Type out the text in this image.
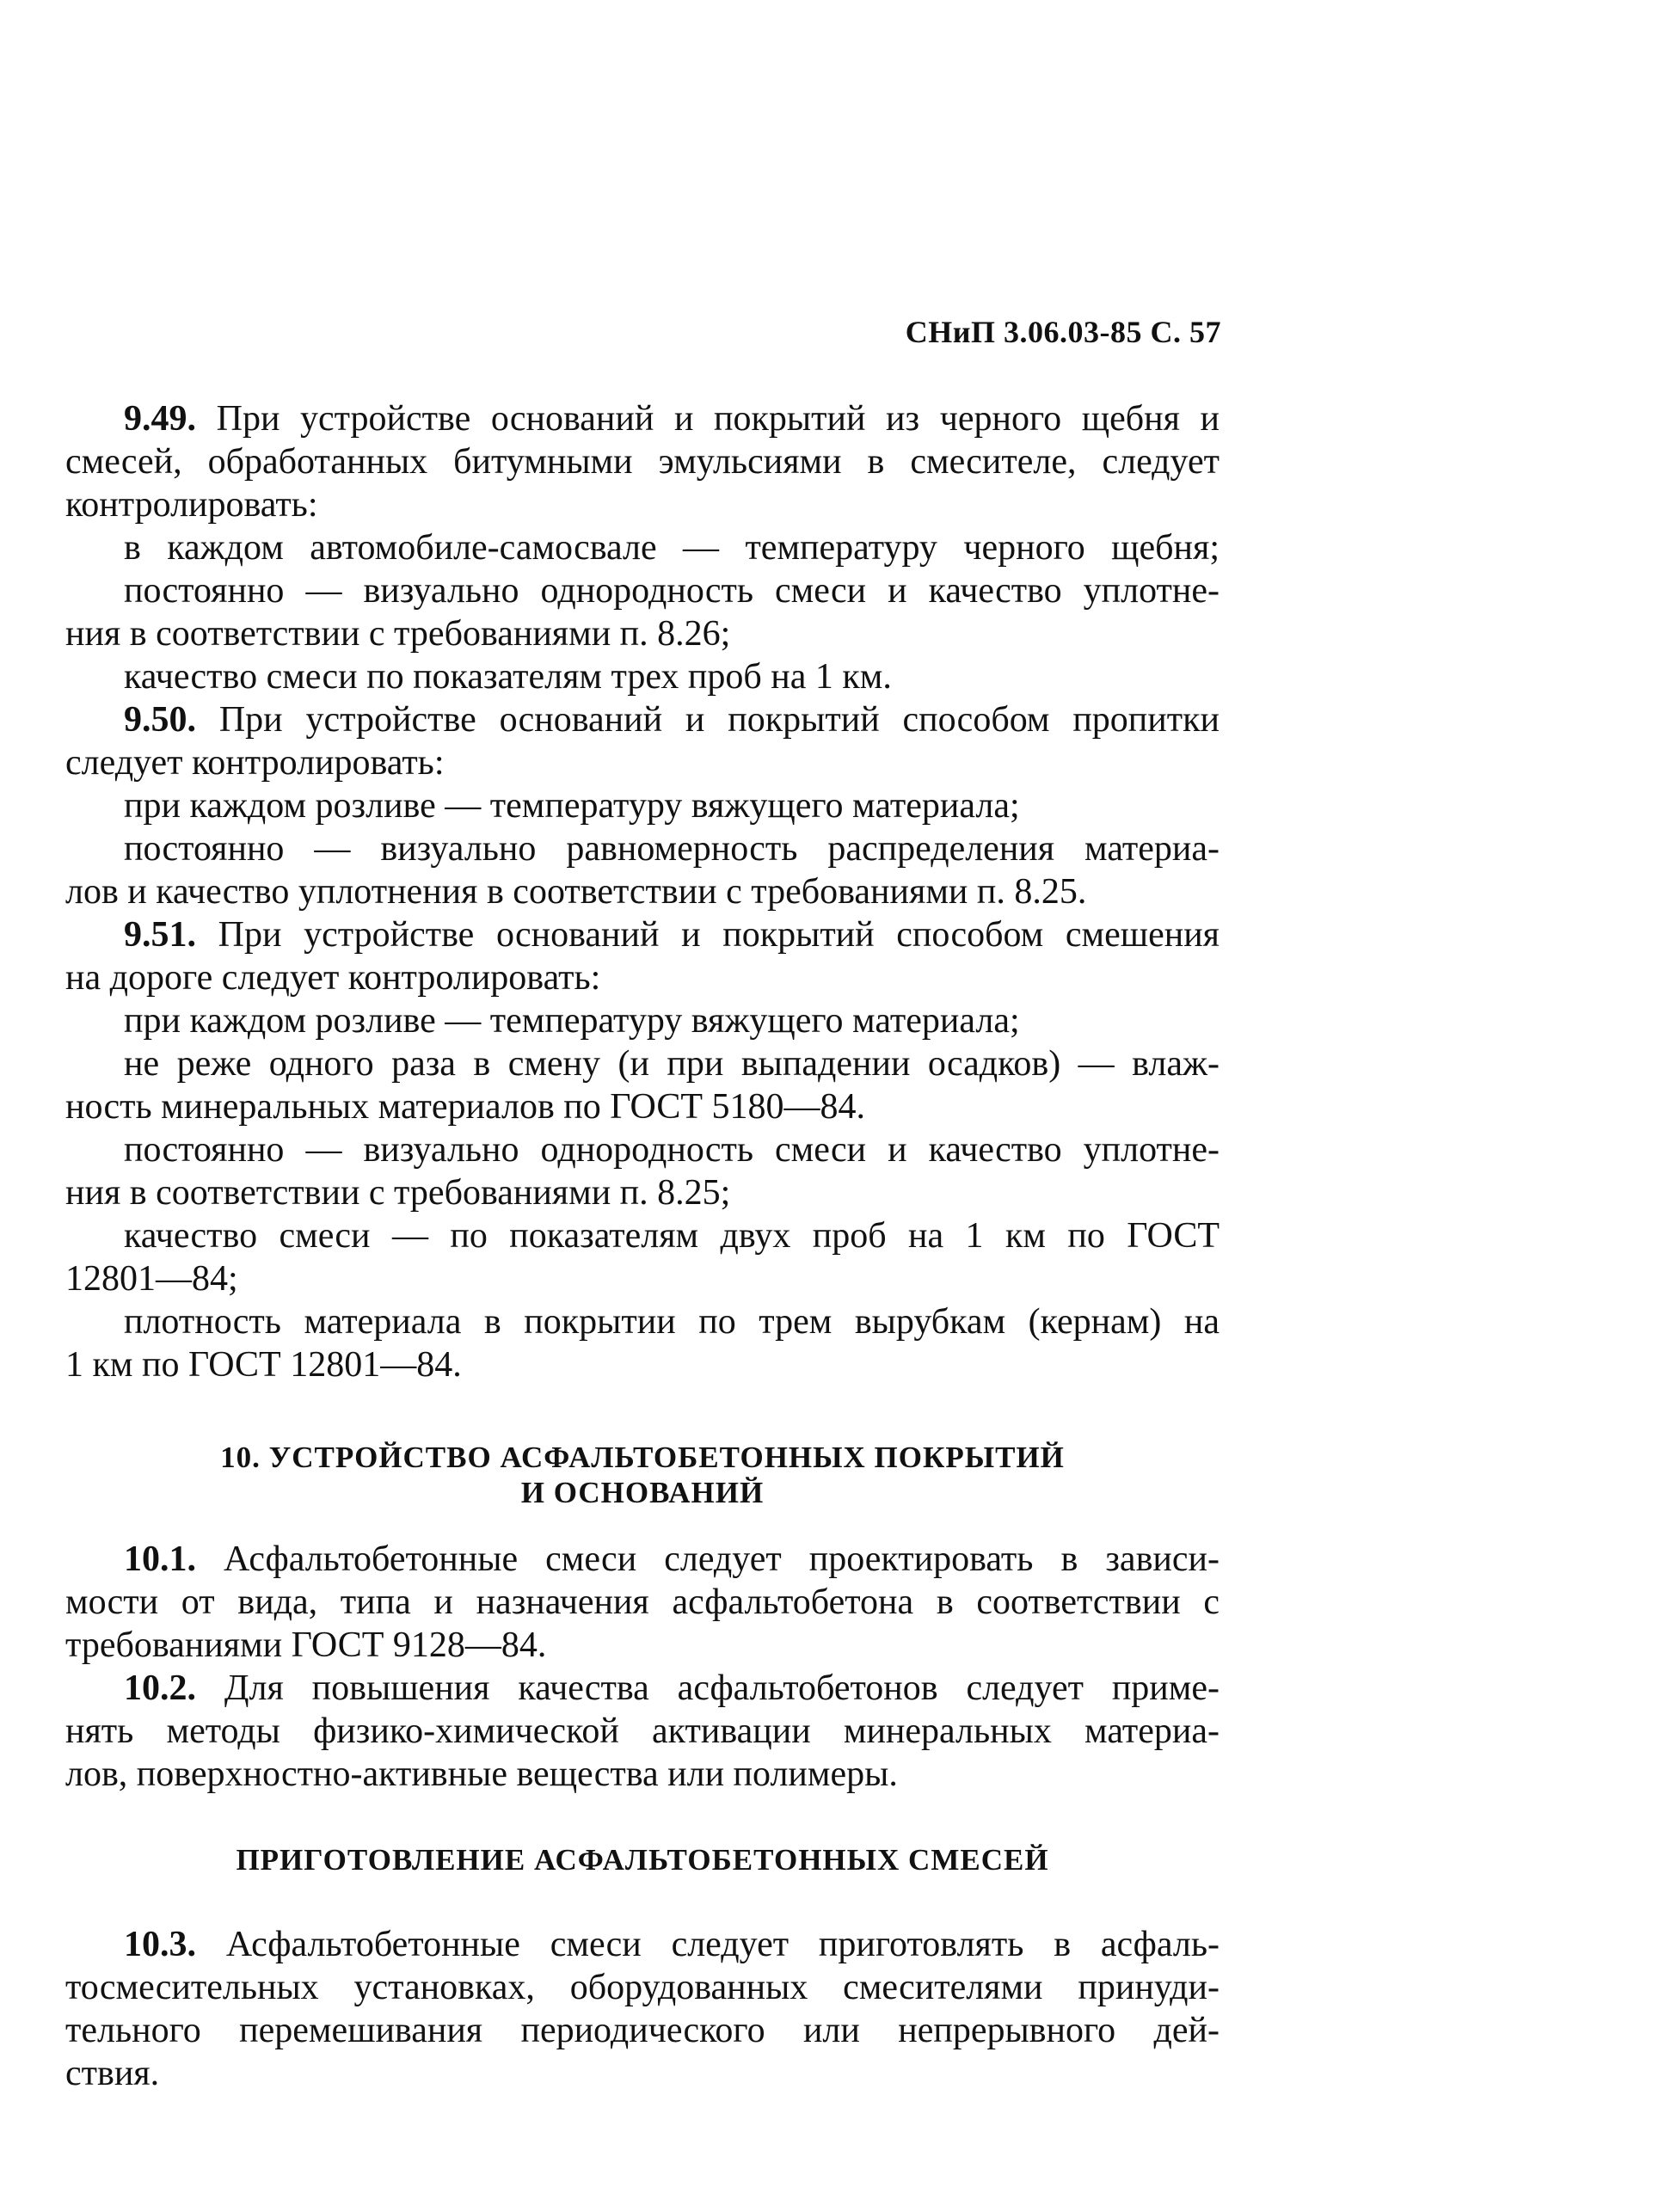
СНиП 3.06.03-85 С. 57
9.49. При устройстве оснований и покрытий из черного щебня и
смесей, обработанных битумными эмульсиями в смесителе, следует
контролировать:
в каждом автомобиле-самосвале — температуру черного щебня;
постоянно — визуально однородность смеси и качество уплотне-
ния в соответствии с требованиями п. 8.26;
качество смеси по показателям трех проб на 1 км.
9.50. При устройстве оснований и покрытий способом пропитки
следует контролировать:
при каждом розливе — температуру вяжущего материала;
постоянно — визуально равномерность распределения материа-
лов и качество уплотнения в соответствии с требованиями п. 8.25.
9.51. При устройстве оснований и покрытий способом смешения
на дороге следует контролировать:
при каждом розливе — температуру вяжущего материала;
не реже одного раза в смену (и при выпадении осадков) — влаж-
ность минеральных материалов по ГОСТ 5180—84.
постоянно — визуально однородность смеси и качество уплотне-
ния в соответствии с требованиями п. 8.25;
качество смеси — по показателям двух проб на 1 км по ГОСТ
12801—84;
плотность материала в покрытии по трем вырубкам (кернам) на
1 км по ГОСТ 12801—84.
10. УСТРОЙСТВО АСФАЛЬТОБЕТОННЫХ ПОКРЫТИЙ
И ОСНОВАНИЙ
10.1. Асфальтобетонные смеси следует проектировать в зависи-
мости от вида, типа и назначения асфальтобетона в соответствии с
требованиями ГОСТ 9128—84.
10.2. Для повышения качества асфальтобетонов следует приме-
нять методы физико-химической активации минеральных материа-
лов, поверхностно-активные вещества или полимеры.
ПРИГОТОВЛЕНИЕ АСФАЛЬТОБЕТОННЫХ СМЕСЕЙ
10.3. Асфальтобетонные смеси следует приготовлять в асфаль-
тосмесительных установках, оборудованных смесителями принуди-
тельного перемешивания периодического или непрерывного дей-
ствия.
